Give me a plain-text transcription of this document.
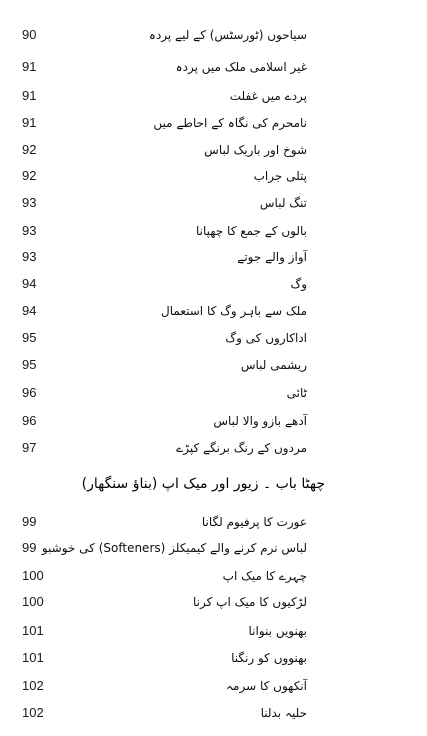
90	سیاحوں (ٹورسٹس) کے لیے پردہ
91	غیر اسلامی ملک میں پردہ
91	پردے میں غفلت
91	نامحرم کی نگاہ کے احاطے میں
92	شوخ اور باریک لباس
92	پتلی جراب
93	تنگ لباس
93	بالوں کے جمع کا چھپانا
93	آواز والے جوتے
94	وگ
94	ملک سے باہر وگ کا استعمال
95	اداکاروں کی وگ
95	ریشمی لباس
96	ٹائی
96	آدھے بازو والا لباس
97	مردوں کے رنگ برنگے کپڑے
چھٹا باب ۔ زیور اور میک اپ (بناؤ سنگھار)
99	عورت کا پرفیوم لگانا
99 لباس نرم کرنے والے کیمیکلز (Softeners) کی خوشبو
100	چہرے کا میک اپ
100	لڑکیوں کا میک اپ کرنا
101	بھنویں بنوانا
101	بھنووں کو رنگنا
102	آنکھوں کا سرمہ
102	حلیہ بدلنا
